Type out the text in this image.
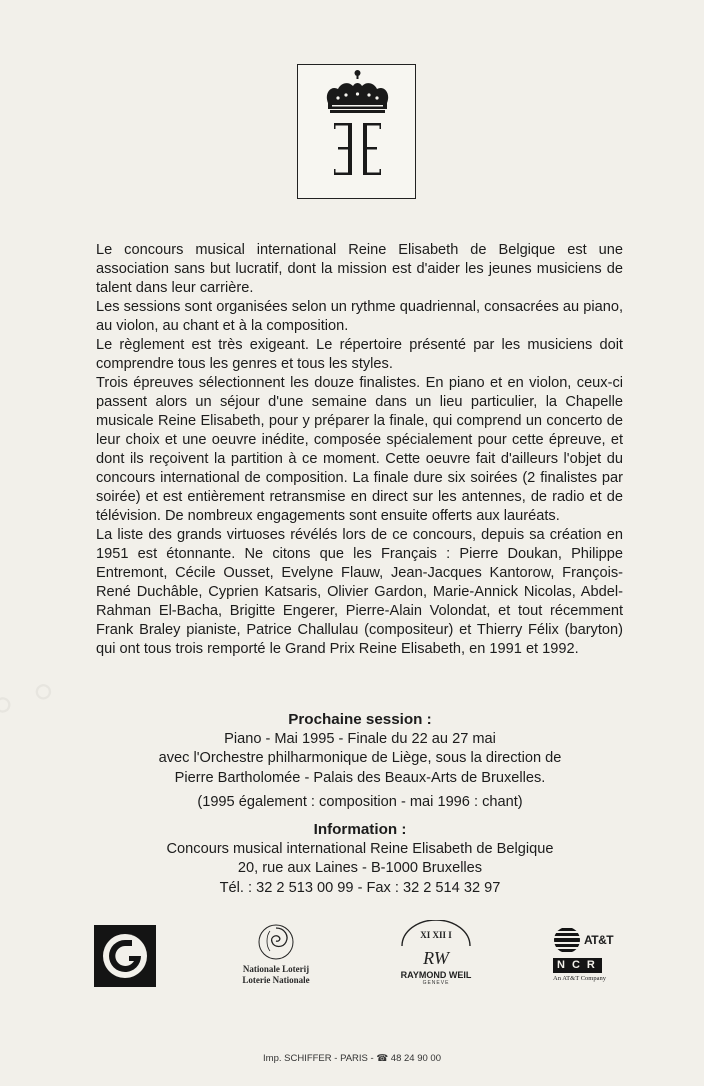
Le concours musical international Reine Elisabeth de Belgique est une association sans but lucratif, dont la mission est d'aider les jeunes musiciens de talent dans leur carrière.

Les sessions sont organisées selon un rythme quadriennal, consacrées au piano, au violon, au chant et à la composition.

Le règlement est très exigeant. Le répertoire présenté par les musiciens doit comprendre tous les genres et tous les styles.

Trois épreuves sélectionnent les douze finalistes. En piano et en violon, ceux-ci passent alors un séjour d'une semaine dans un lieu particulier, la Chapelle musicale Reine Elisabeth, pour y préparer la finale, qui comprend un concerto de leur choix et une oeuvre inédite, composée spécialement pour cette épreuve, et dont ils reçoivent la partition à ce moment. Cette oeuvre fait d'ailleurs l'objet du concours international de composition. La finale dure six soirées (2 finalistes par soirée) et est entièrement retransmise en direct sur les antennes, de radio et de télévision. De nombreux engagements sont ensuite offerts aux lauréats.

La liste des grands virtuoses révélés lors de ce concours, depuis sa création en 1951 est étonnante. Ne citons que les Français : Pierre Doukan, Philippe Entremont, Cécile Ousset, Evelyne Flauw, Jean-Jacques Kantorow, François-René Duchâble, Cyprien Katsaris, Olivier Gardon, Marie-Annick Nicolas, Abdel-Rahman El-Bacha, Brigitte Engerer, Pierre-Alain Volondat, et tout récemment Frank Braley pianiste, Patrice Challulau (compositeur) et Thierry Félix (baryton) qui ont tous trois remporté le Grand Prix Reine Elisabeth, en 1991 et 1992.

Prochaine session :
Piano - Mai 1995 - Finale du 22 au 27 mai
avec l'Orchestre philharmonique de Liège, sous la direction de
Pierre Bartholomée - Palais des Beaux-Arts de Bruxelles.
(1995 également : composition - mai 1996 : chant)
Information :
Concours musical international Reine Elisabeth de Belgique
20, rue aux Laines - B-1000 Bruxelles
Tél. : 32 2 513 00 99 - Fax : 32 2 514 32 97
Nationale Loterij
Loterie Nationale
XI XII I
RW
RAYMOND WEIL
GENEVE
AT&T
NCR
An AT&T Company
Imp. SCHIFFER - PARIS - ☎ 48 24 90 00
